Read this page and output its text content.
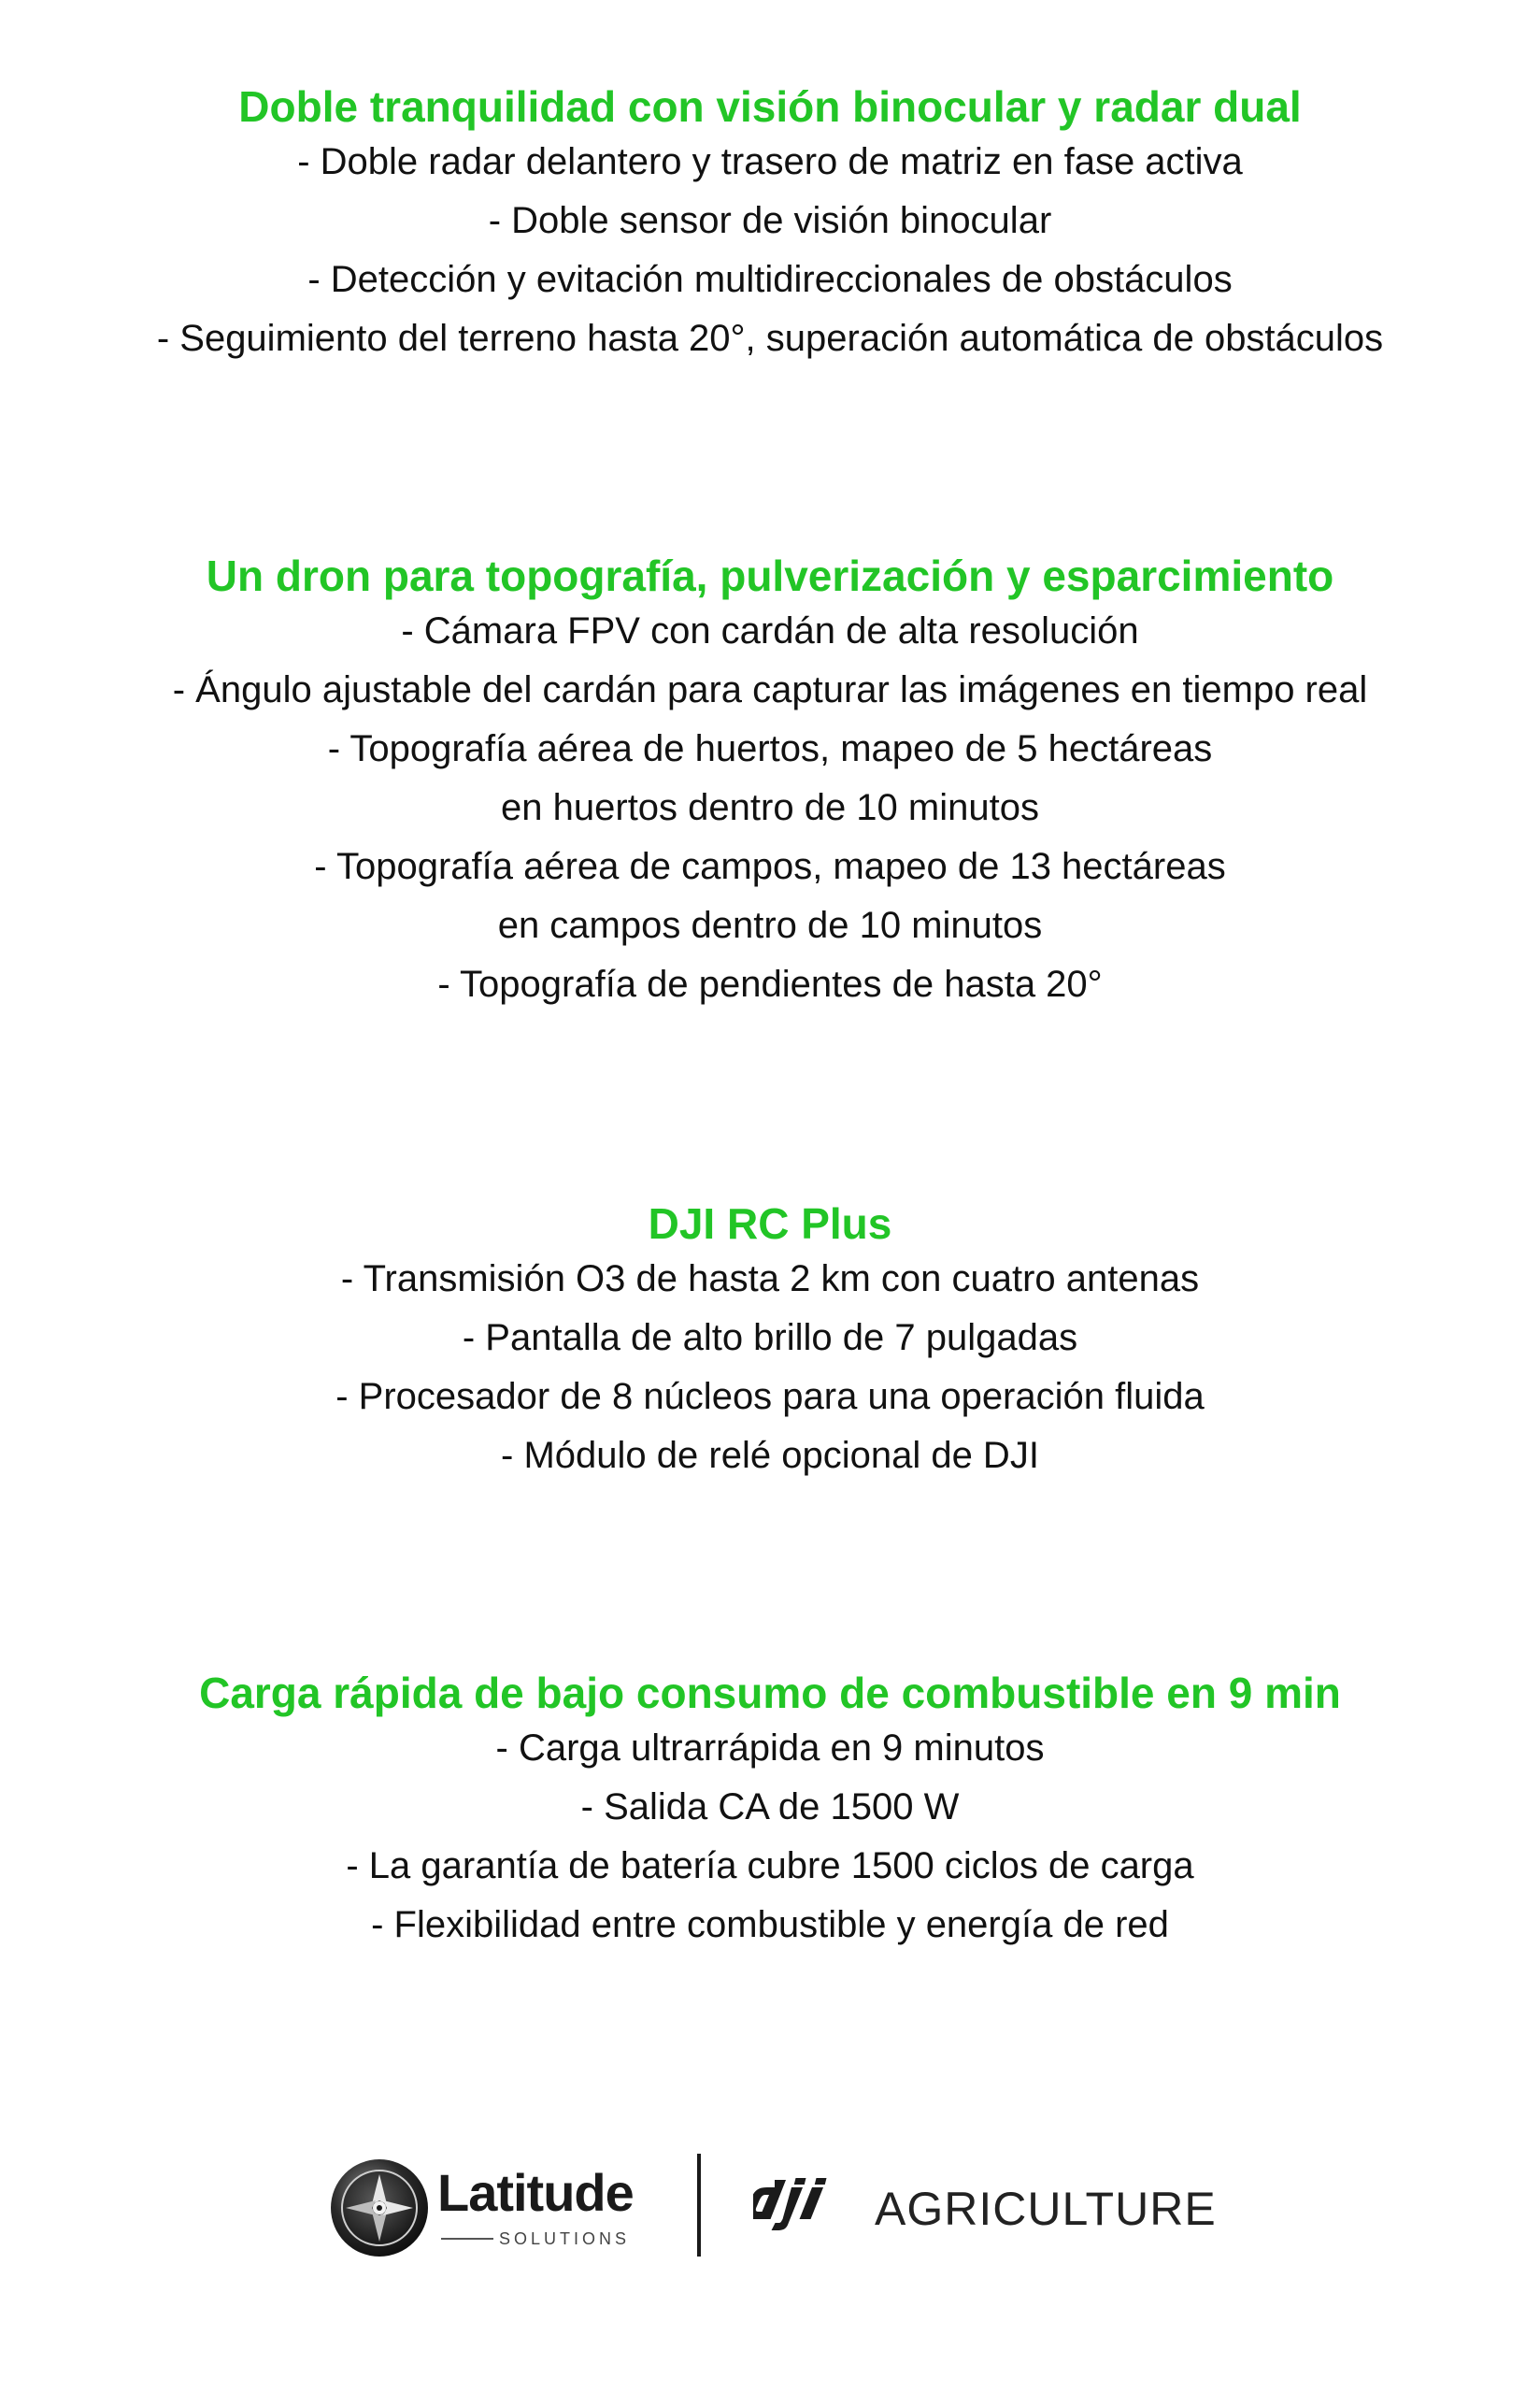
Doble tranquilidad con visión binocular y radar dual

- Doble radar delantero y trasero de matriz en fase activa

- Doble sensor de visión binocular

- Detección y evitación multidireccionales de obstáculos

- Seguimiento del terreno hasta 20°, superación automática de obstáculos

Un dron para topografía, pulverización y esparcimiento

- Cámara FPV con cardán de alta resolución

- Ángulo ajustable del cardán para capturar las imágenes en tiempo real

- Topografía aérea de huertos, mapeo de 5 hectáreas

en huertos dentro de 10 minutos

- Topografía aérea de campos, mapeo de 13 hectáreas

en campos dentro de 10 minutos

- Topografía de pendientes de hasta 20°

DJI RC Plus

- Transmisión O3 de hasta 2 km con cuatro antenas

- Pantalla de alto brillo de 7 pulgadas

- Procesador de 8 núcleos para una operación fluida

- Módulo de relé opcional de DJI

Carga rápida de bajo consumo de combustible en 9 min

- Carga ultrarrápida en 9 minutos

- Salida CA de 1500 W

- La garantía de batería cubre 1500 ciclos de carga

- Flexibilidad entre combustible y energía de red

Latitude
SOLUTIONS
AGRICULTURE
